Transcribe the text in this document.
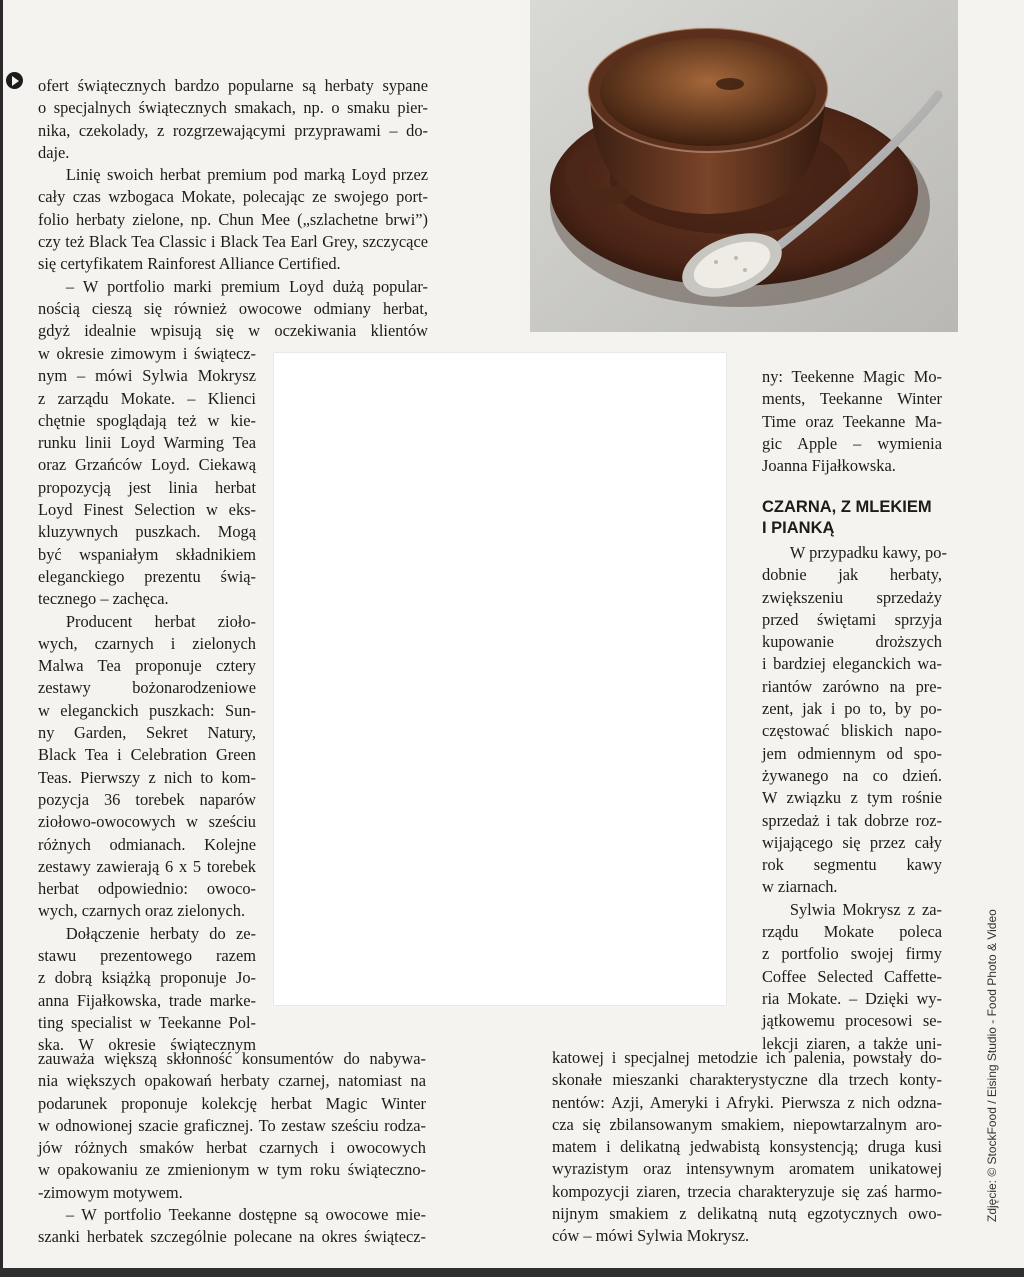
ofert świątecznych bardzo popularne są herbaty sypane
o specjalnych świątecznych smakach, np. o smaku pier-
nika, czekolady, z rozgrzewającymi przyprawami – do-
daje.
Linię swoich herbat premium pod marką Loyd przez
cały czas wzbogaca Mokate, polecając ze swojego port-
folio herbaty zielone, np. Chun Mee („szlachetne brwi”)
czy też Black Tea Classic i Black Tea Earl Grey, szczycące
się certyfikatem Rainforest Alliance Certified.
– W portfolio marki premium Loyd dużą popular-
nością cieszą się również owocowe odmiany herbat,
gdyż idealnie wpisują się w oczekiwania klientów
w okresie zimowym i świątecz-
nym – mówi Sylwia Mokrysz
z zarządu Mokate. – Klienci
chętnie spoglądają też w kie-
runku linii Loyd Warming Tea
oraz Grzańców Loyd. Ciekawą
propozycją jest linia herbat
Loyd Finest Selection w eks-
kluzywnych puszkach. Mogą
być wspaniałym składnikiem
eleganckiego prezentu świą-
tecznego – zachęca.
Producent herbat zioło-
wych, czarnych i zielonych
Malwa Tea proponuje cztery
zestawy bożonarodzeniowe
w eleganckich puszkach: Sun-
ny Garden, Sekret Natury,
Black Tea i Celebration Green
Teas. Pierwszy z nich to kom-
pozycja 36 torebek naparów
ziołowo-owocowych w sześciu
różnych odmianach. Kolejne
zestawy zawierają 6 x 5 torebek
herbat odpowiednio: owoco-
wych, czarnych oraz zielonych.
Dołączenie herbaty do ze-
stawu prezentowego razem
z dobrą książką proponuje Jo-
anna Fijałkowska, trade marke-
ting specialist w Teekanne Pol-
ska. W okresie świątecznym
zauważa większą skłonność konsumentów do nabywa-
nia większych opakowań herbaty czarnej, natomiast na
podarunek proponuje kolekcję herbat Magic Winter
w odnowionej szacie graficznej. To zestaw sześciu rodza-
jów różnych smaków herbat czarnych i owocowych
w opakowaniu ze zmienionym w tym roku świąteczno-
-zimowym motywem.
– W portfolio Teekanne dostępne są owocowe mie-
szanki herbatek szczególnie polecane na okres świątecz-
ny: Teekenne Magic Mo-
ments, Teekanne Winter
Time oraz Teekanne Ma-
gic Apple – wymienia
Joanna Fijałkowska.
CZARNA, Z MLEKIEM
I PIANKĄ
W przypadku kawy, po-
dobnie jak herbaty,
zwiększeniu sprzedaży
przed świętami sprzyja
kupowanie droższych
i bardziej eleganckich wa-
riantów zarówno na pre-
zent, jak i po to, by po-
częstować bliskich napo-
jem odmiennym od spo-
żywanego na co dzień.
W związku z tym rośnie
sprzedaż i tak dobrze roz-
wijającego się przez cały
rok segmentu kawy
w ziarnach.
Sylwia Mokrysz z za-
rządu Mokate poleca
z portfolio swojej firmy
Coffee Selected Caffette-
ria Mokate. – Dzięki wy-
jątkowemu procesowi se-
lekcji ziaren, a także uni-
katowej i specjalnej metodzie ich palenia, powstały do-
skonałe mieszanki charakterystyczne dla trzech konty-
nentów: Azji, Ameryki i Afryki. Pierwsza z nich odzna-
cza się zbilansowanym smakiem, niepowtarzalnym aro-
matem i delikatną jedwabistą konsystencją; druga kusi
wyrazistym oraz intensywnym aromatem unikatowej
kompozycji ziaren, trzecia charakteryzuje się zaś harmo-
nijnym smakiem z delikatną nutą egzotycznych owo-
ców – mówi Sylwia Mokrysz.
Zdjęcie: © StockFood / Eising Studio - Food Photo & Video
